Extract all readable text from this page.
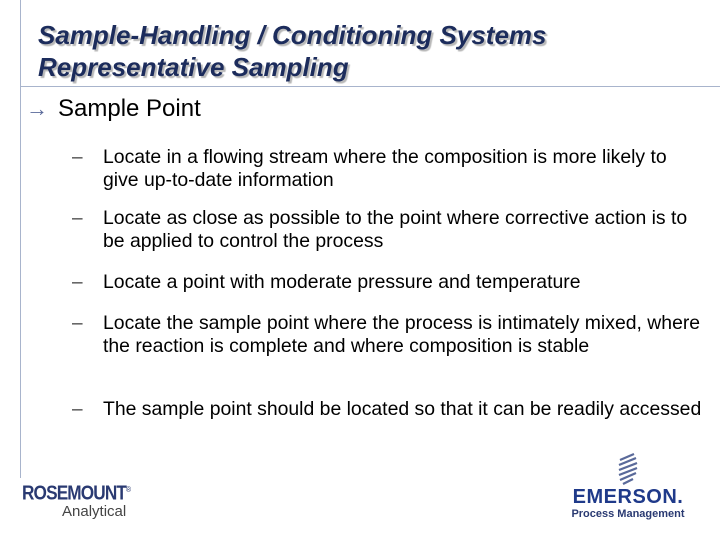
Sample-Handling / Conditioning Systems
Representative Sampling
→ Sample Point
– Locate in a flowing stream where the composition is more likely to give up-to-date information
– Locate as close as possible to the point where corrective action is to be applied to control the process
– Locate a point with moderate pressure and temperature
– Locate the sample point where the process is intimately mixed, where the reaction is complete and where composition is stable
– The sample point should be located so that it can be readily accessed
ROSEMOUNT®
Analytical
EMERSON.
Process Management
